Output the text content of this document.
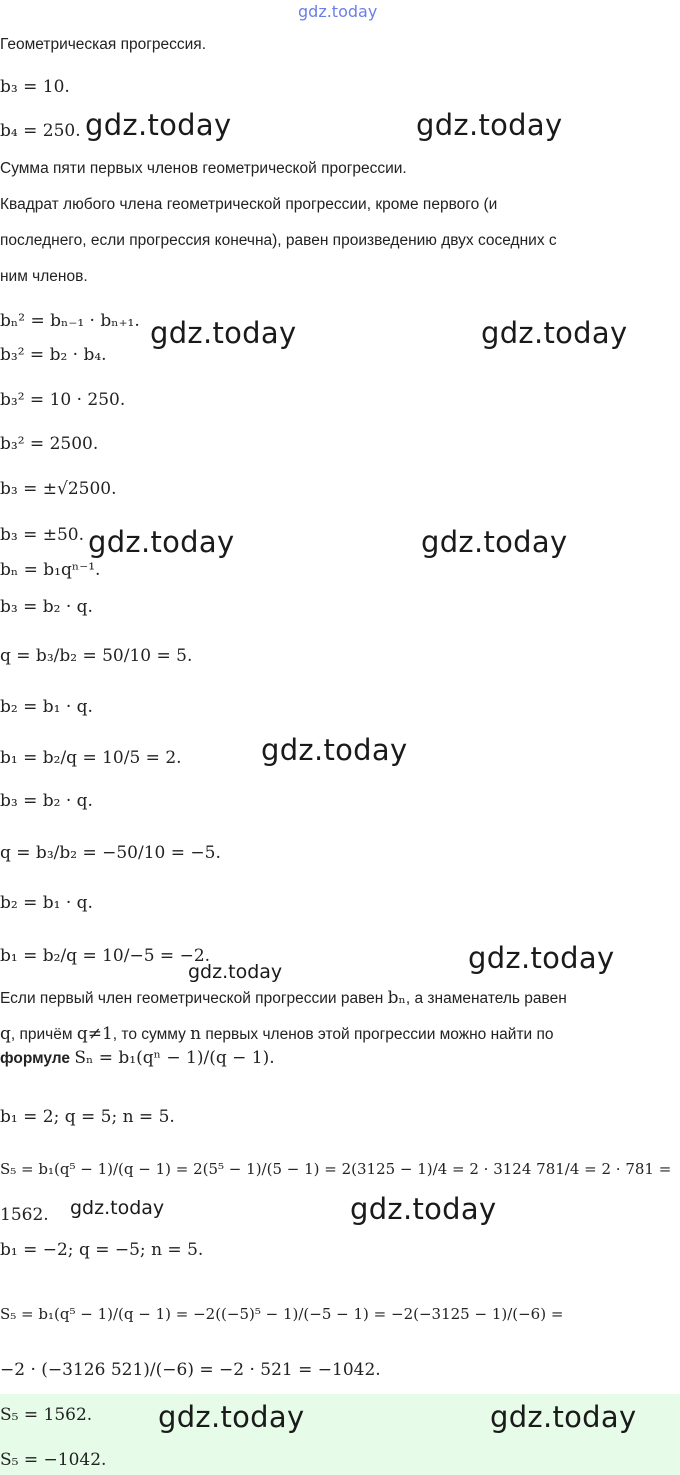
gdz.today
gdz.today	gdz.today
gdz.today	gdz.today
gdz.today	gdz.today
gdz.today
gdz.today
gdz.today
gdz.today	gdz.today
gdz.today	gdz.today
Геометрическая прогрессия.
b₃ = 10.
b₄ = 250.
Сумма пяти первых членов геометрической прогрессии.
Квадрат любого члена геометрической прогрессии, кроме первого (и
последнего, если прогрессия конечна), равен произведению двух соседних с
ним членов.
bₙ² = bₙ₋₁ · bₙ₊₁.
b₃² = b₂ · b₄.
b₃² = 10 · 250.
b₃² = 2500.
b₃ = ±√2500.
b₃ = ±50.
bₙ = b₁qⁿ⁻¹.
b₃ = b₂ · q.
q = b₃/b₂ = 50/10 = 5.
b₂ = b₁ · q.
b₁ = b₂/q = 10/5 = 2.
b₃ = b₂ · q.
q = b₃/b₂ = −50/10 = −5.
b₂ = b₁ · q.
b₁ = b₂/q = 10/−5 = −2.
Если первый член геометрической прогрессии равен bₙ, а знаменатель равен
q, причём q≠1, то сумму n первых членов этой прогрессии можно найти по
формуле Sₙ = b₁(qⁿ − 1)/(q − 1).
b₁ = 2; q = 5; n = 5.
S₅ = b₁(q⁵ − 1)/(q − 1) = 2(5⁵ − 1)/(5 − 1) = 2(3125 − 1)/4 = 2 · 3124 781/4 = 2 · 781 =
1562.
b₁ = −2; q = −5; n = 5.
S₅ = b₁(q⁵ − 1)/(q − 1) = −2((−5)⁵ − 1)/(−5 − 1) = −2(−3125 − 1)/(−6) =
−2 · (−3126 521)/(−6) = −2 · 521 = −1042.
S₅ = 1562.
S₅ = −1042.
